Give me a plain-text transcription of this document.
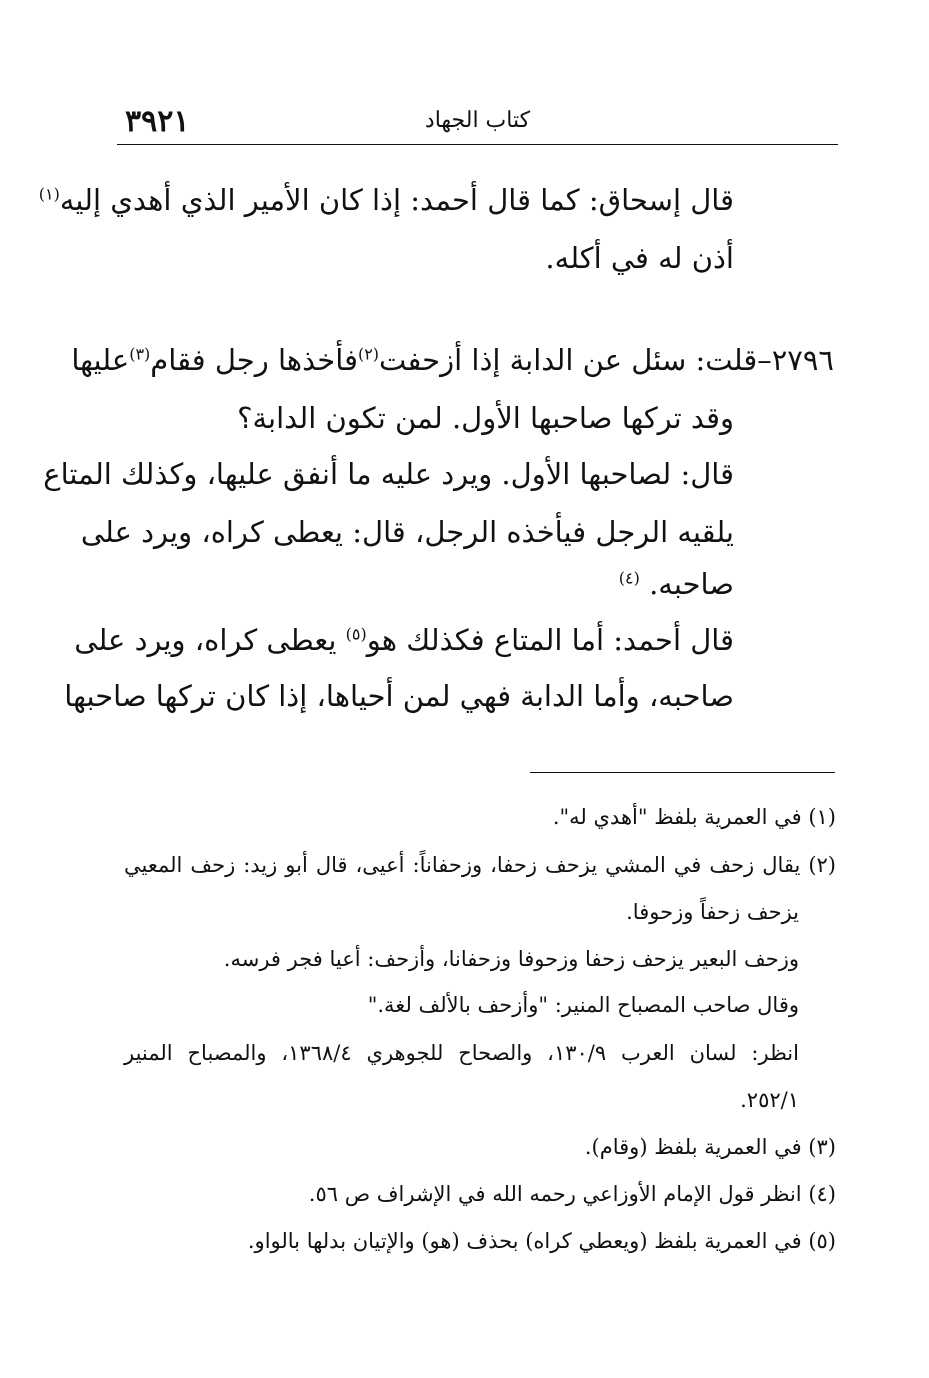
٣٩٢١	كتاب الجهاد
قال إسحاق: كما قال أحمد: إذا كان الأمير الذي أهدي إليه$^{(١)}$
أذن له في أكله.
٢٧٩٦–
قلت: سئل عن الدابة إذا أزحفت
$^{(٢)}$فأخذها رجل فقام
$^{(٣)}$عليها
وقد تركها صاحبها الأول. لمن تكون الدابة؟
قال: لصاحبها الأول. ويرد عليه ما أنفق عليها، وكذلك المتاع
يلقيه الرجل فيأخذه الرجل، قال: يعطى كراه، ويرد على
صاحبه. $^{(٤)}$
قال أحمد: أما المتاع فكذلك هو$^{(٥)}$ يعطى كراه، ويرد على
صاحبه، وأما الدابة فهي لمن أحياها، إذا كان تركها صاحبها
(١) في العمرية بلفظ "أهدي له".
(٢) يقال زحف في المشي يزحف زحفا، وزحفاناً: أعيى، قال أبو زيد: زحف المعيي
يزحف زحفاً وزحوفا.
وزحف البعير يزحف زحفا وزحوفا وزحفانا، وأزحف: أعيا فجر فرسه.
وقال صاحب المصباح المنير: "وأزحف بالألف لغة."
انظر: لسان العرب ١٣٠/٩، والصحاح للجوهري ١٣٦٨/٤، والمصباح المنير
٢٥٢/١.
(٣) في العمرية بلفظ (وقام).
(٤) انظر قول الإمام الأوزاعي رحمه الله في الإشراف ص ٥٦.
(٥) في العمرية بلفظ (ويعطي كراه) بحذف (هو) والإتيان بدلها بالواو.
